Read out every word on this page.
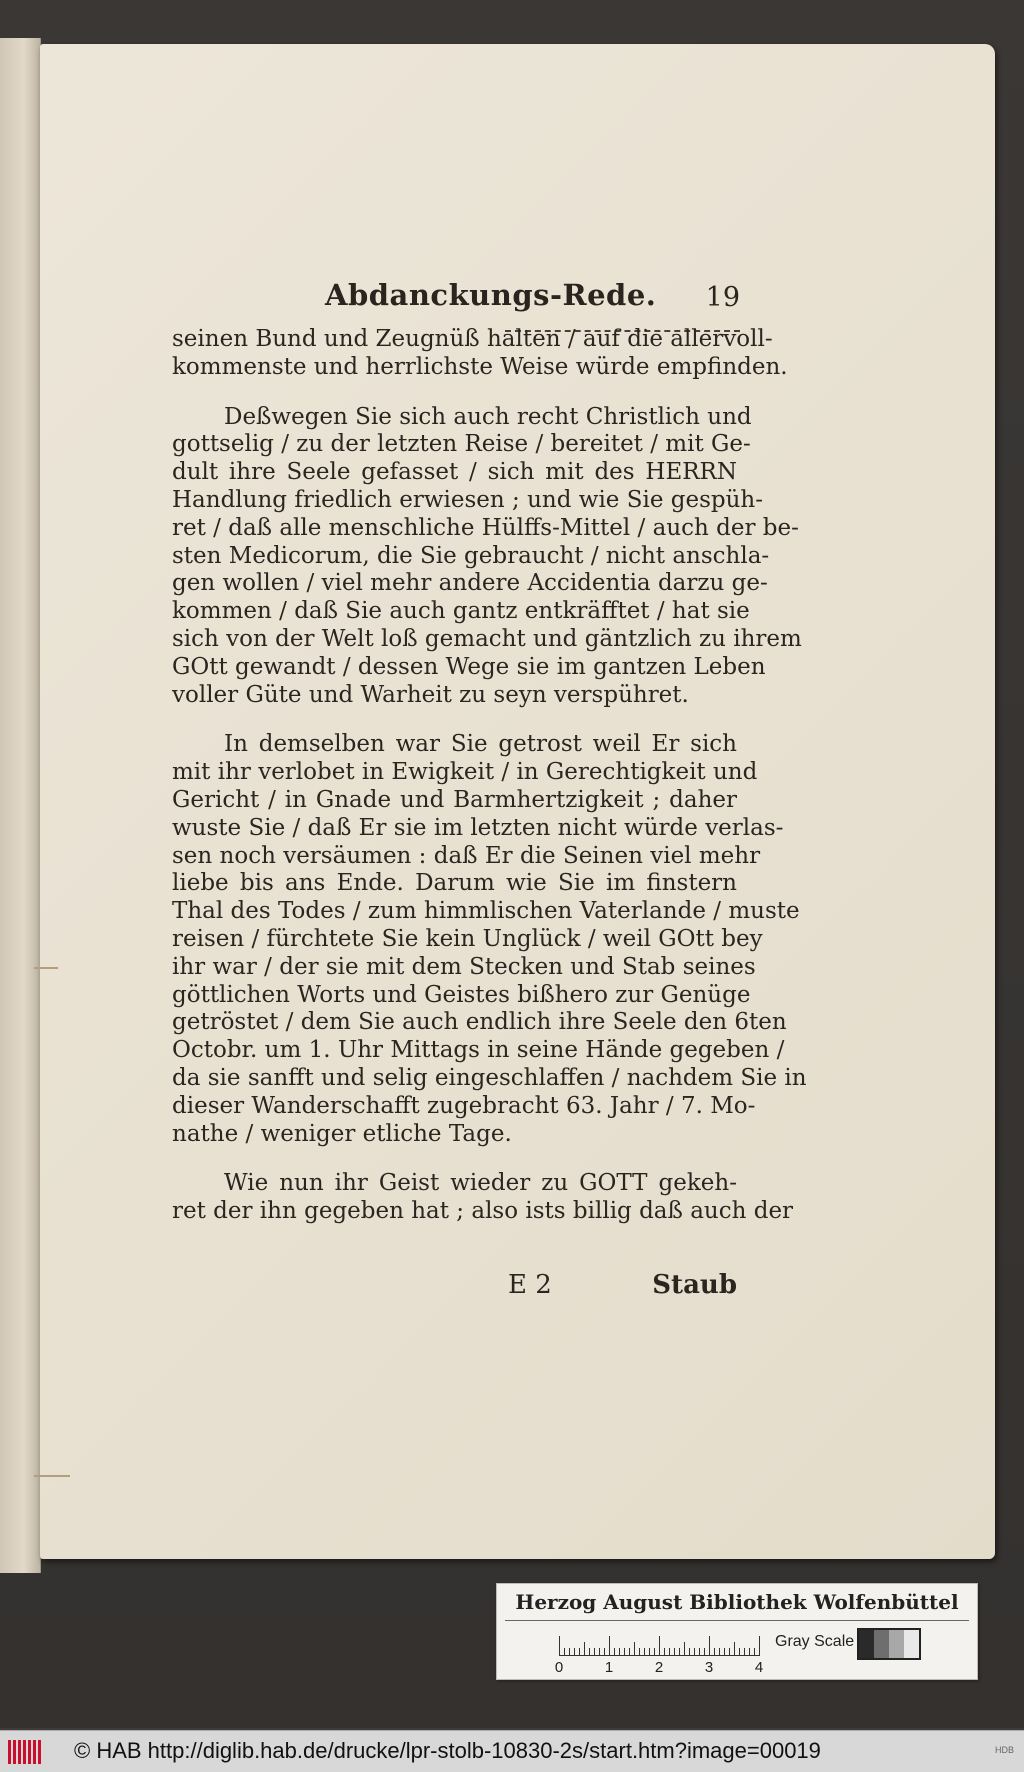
Abdanckungs-Rede. 19
seinen Bund und Zeugnüß halten / auf die allervoll-
kommenste und herrlichste Weise würde empfinden.
Deßwegen Sie sich auch recht Christlich und
gottselig / zu der letzten Reise / bereitet / mit Ge-
dult ihre Seele gefasset / sich mit des HERRN
Handlung friedlich erwiesen ; und wie Sie gespüh-
ret / daß alle menschliche Hülffs-Mittel / auch der be-
sten Medicorum, die Sie gebraucht / nicht anschla-
gen wollen / viel mehr andere Accidentia darzu ge-
kommen / daß Sie auch gantz entkräfftet / hat sie
sich von der Welt loß gemacht und gäntzlich zu ihrem
GOtt gewandt / dessen Wege sie im gantzen Leben
voller Güte und Warheit zu seyn verspühret.
In demselben war Sie getrost weil Er sich
mit ihr verlobet in Ewigkeit / in Gerechtigkeit und
Gericht / in Gnade und Barmhertzigkeit ; daher
wuste Sie / daß Er sie im letzten nicht würde verlas-
sen noch versäumen : daß Er die Seinen viel mehr
liebe bis ans Ende. Darum wie Sie im finstern
Thal des Todes / zum himmlischen Vaterlande / muste
reisen / fürchtete Sie kein Unglück / weil GOtt bey
ihr war / der sie mit dem Stecken und Stab seines
göttlichen Worts und Geistes bißhero zur Genüge
getröstet / dem Sie auch endlich ihre Seele den 6ten
Octobr. um 1. Uhr Mittags in seine Hände gegeben /
da sie sanfft und selig eingeschlaffen / nachdem Sie in
dieser Wanderschafft zugebracht 63. Jahr / 7. Mo-
nathe / weniger etliche Tage.
Wie nun ihr Geist wieder zu GOTT gekeh-
ret der ihn gegeben hat ; also ists billig daß auch der
E 2	Staub
Herzog August Bibliothek Wolfenbüttel
0	1	2	3	4
Gray Scale
© HAB http://diglib.hab.de/drucke/lpr-stolb-10830-2s/start.htm?image=00019	HDB
